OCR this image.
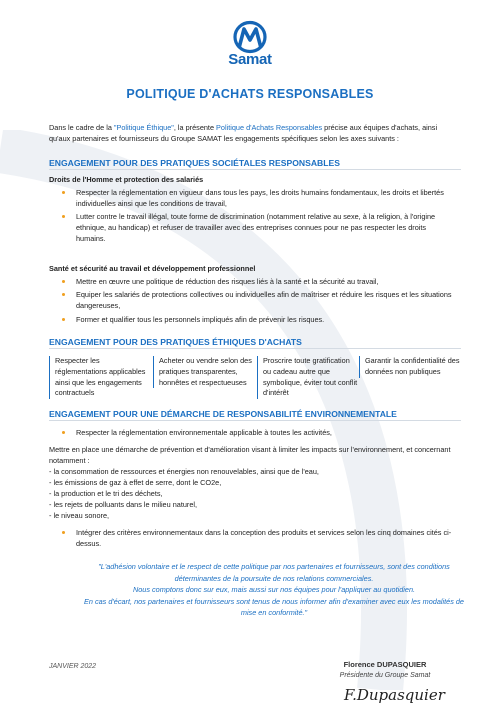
Samat
POLITIQUE D'ACHATS RESPONSABLES
Dans le cadre de la "Politique Éthique", la présente Politique d'Achats Responsables précise aux équipes d'achats, ainsi qu'aux partenaires et fournisseurs du Groupe SAMAT les engagements spécifiques selon les axes suivants :
ENGAGEMENT POUR DES PRATIQUES SOCIÉTALES RESPONSABLES
Droits de l'Homme et protection des salariés
Respecter la réglementation en vigueur dans tous les pays, les droits humains fondamentaux, les droits et libertés individuelles ainsi que les conditions de travail,
Lutter contre le travail illégal, toute forme de discrimination (notamment relative au sexe, à la religion, à l'origine ethnique, au handicap) et refuser de travailler avec des entreprises connues pour ne pas respecter les droits humains.
Santé et sécurité au travail et développement professionnel
Mettre en œuvre une politique de réduction des risques liés à la santé et la sécurité au travail,
Equiper les salariés de protections collectives ou individuelles afin de maîtriser et réduire les risques et les situations dangereuses,
Former et qualifier tous les personnels impliqués afin de prévenir les risques.
ENGAGEMENT POUR DES PRATIQUES ÉTHIQUES D'ACHATS
Respecter les réglementations applicables ainsi que les engagements contractuels
Acheter ou vendre selon des pratiques transparentes, honnêtes et respectueuses
Proscrire toute gratification ou cadeau autre que symbolique, éviter tout conflit d'intérêt
Garantir la confidentialité des données non publiques
ENGAGEMENT POUR UNE DÉMARCHE DE RESPONSABILITÉ ENVIRONNEMENTALE
Respecter la réglementation environnementale applicable à toutes les activités,
Mettre en place une démarche de prévention et d'amélioration visant à limiter les impacts sur l'environnement, et concernant notamment :
- la consommation de ressources et énergies non renouvelables, ainsi que de l'eau,
- les émissions de gaz à effet de serre, dont le CO2e,
- la production et le tri des déchets,
- les rejets de polluants dans le milieu naturel,
- le niveau sonore,
Intégrer des critères environnementaux dans la conception des produits et services selon les cinq domaines cités ci-dessus.
"L'adhésion volontaire et le respect de cette politique par nos partenaires et fournisseurs, sont des conditions
déterminantes de la poursuite de nos relations commerciales.
Nous comptons donc sur eux, mais aussi sur nos équipes pour l'appliquer au quotidien.
En cas d'écart, nos partenaires et fournisseurs sont tenus de nous informer afin d'examiner avec eux les modalités de
mise en conformité."
JANVIER 2022	Florence DUPASQUIER
Présidente du Groupe Samat
F.Dupasquier
